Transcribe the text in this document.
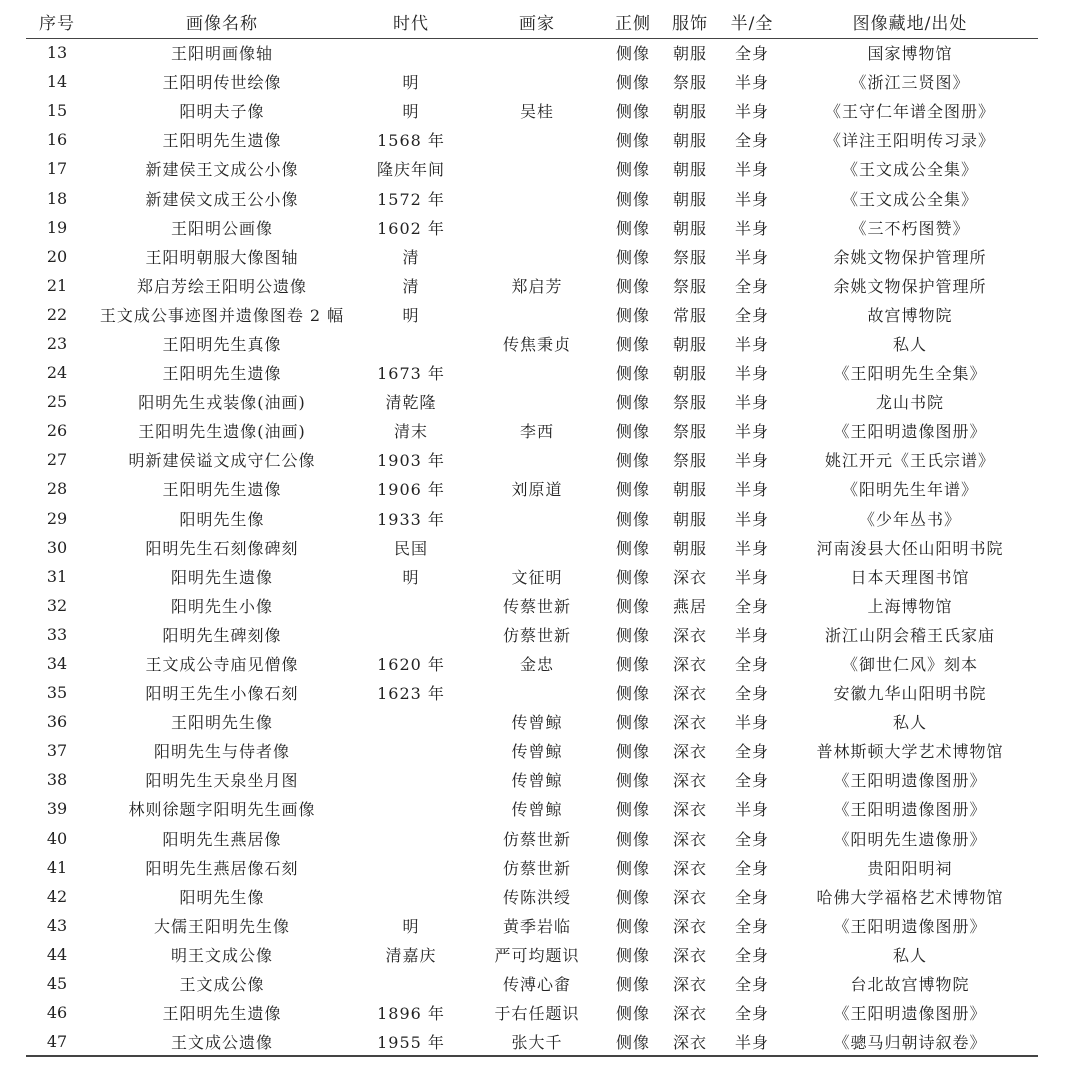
序号	画像名称	时代	画家	正侧	服饰	半/全	图像藏地/出处
13	王阳明画像轴			侧像	朝服	全身	国家博物馆
14	王阳明传世绘像	明		侧像	祭服	半身	《浙江三贤图》
15	阳明夫子像	明	吴桂	侧像	朝服	半身	《王守仁年谱全图册》
16	王阳明先生遗像	1568 年		侧像	朝服	全身	《详注王阳明传习录》
17	新建侯王文成公小像	隆庆年间		侧像	朝服	半身	《王文成公全集》
18	新建侯文成王公小像	1572 年		侧像	朝服	半身	《王文成公全集》
19	王阳明公画像	1602 年		侧像	朝服	半身	《三不朽图赞》
20	王阳明朝服大像图轴	清		侧像	祭服	半身	余姚文物保护管理所
21	郑启芳绘王阳明公遗像	清	郑启芳	侧像	祭服	全身	余姚文物保护管理所
22	王文成公事迹图并遗像图卷 2 幅	明		侧像	常服	全身	故宫博物院
23	王阳明先生真像		传焦秉贞	侧像	朝服	半身	私人
24	王阳明先生遗像	1673 年		侧像	朝服	半身	《王阳明先生全集》
25	阳明先生戎装像(油画)	清乾隆		侧像	祭服	半身	龙山书院
26	王阳明先生遗像(油画)	清末	李西	侧像	祭服	半身	《王阳明遗像图册》
27	明新建侯谥文成守仁公像	1903 年		侧像	祭服	半身	姚江开元《王氏宗谱》
28	王阳明先生遗像	1906 年	刘原道	侧像	朝服	半身	《阳明先生年谱》
29	阳明先生像	1933 年		侧像	朝服	半身	《少年丛书》
30	阳明先生石刻像碑刻	民国		侧像	朝服	半身	河南浚县大伾山阳明书院
31	阳明先生遗像	明	文征明	侧像	深衣	半身	日本天理图书馆
32	阳明先生小像		传蔡世新	侧像	燕居	全身	上海博物馆
33	阳明先生碑刻像		仿蔡世新	侧像	深衣	半身	浙江山阴会稽王氏家庙
34	王文成公寺庙见僧像	1620 年	金忠	侧像	深衣	全身	《御世仁风》刻本
35	阳明王先生小像石刻	1623 年		侧像	深衣	全身	安徽九华山阳明书院
36	王阳明先生像		传曾鲸	侧像	深衣	半身	私人
37	阳明先生与侍者像		传曾鲸	侧像	深衣	全身	普林斯顿大学艺术博物馆
38	阳明先生天泉坐月图		传曾鲸	侧像	深衣	全身	《王阳明遗像图册》
39	林则徐题字阳明先生画像		传曾鲸	侧像	深衣	半身	《王阳明遗像图册》
40	阳明先生燕居像		仿蔡世新	侧像	深衣	全身	《阳明先生遗像册》
41	阳明先生燕居像石刻		仿蔡世新	侧像	深衣	全身	贵阳阳明祠
42	阳明先生像		传陈洪绶	侧像	深衣	全身	哈佛大学福格艺术博物馆
43	大儒王阳明先生像	明	黄季岩临	侧像	深衣	全身	《王阳明遗像图册》
44	明王文成公像	清嘉庆	严可均题识	侧像	深衣	全身	私人
45	王文成公像		传溥心畬	侧像	深衣	全身	台北故宫博物院
46	王阳明先生遗像	1896 年	于右任题识	侧像	深衣	全身	《王阳明遗像图册》
47	王文成公遗像	1955 年	张大千	侧像	深衣	半身	《骢马归朝诗叙卷》
